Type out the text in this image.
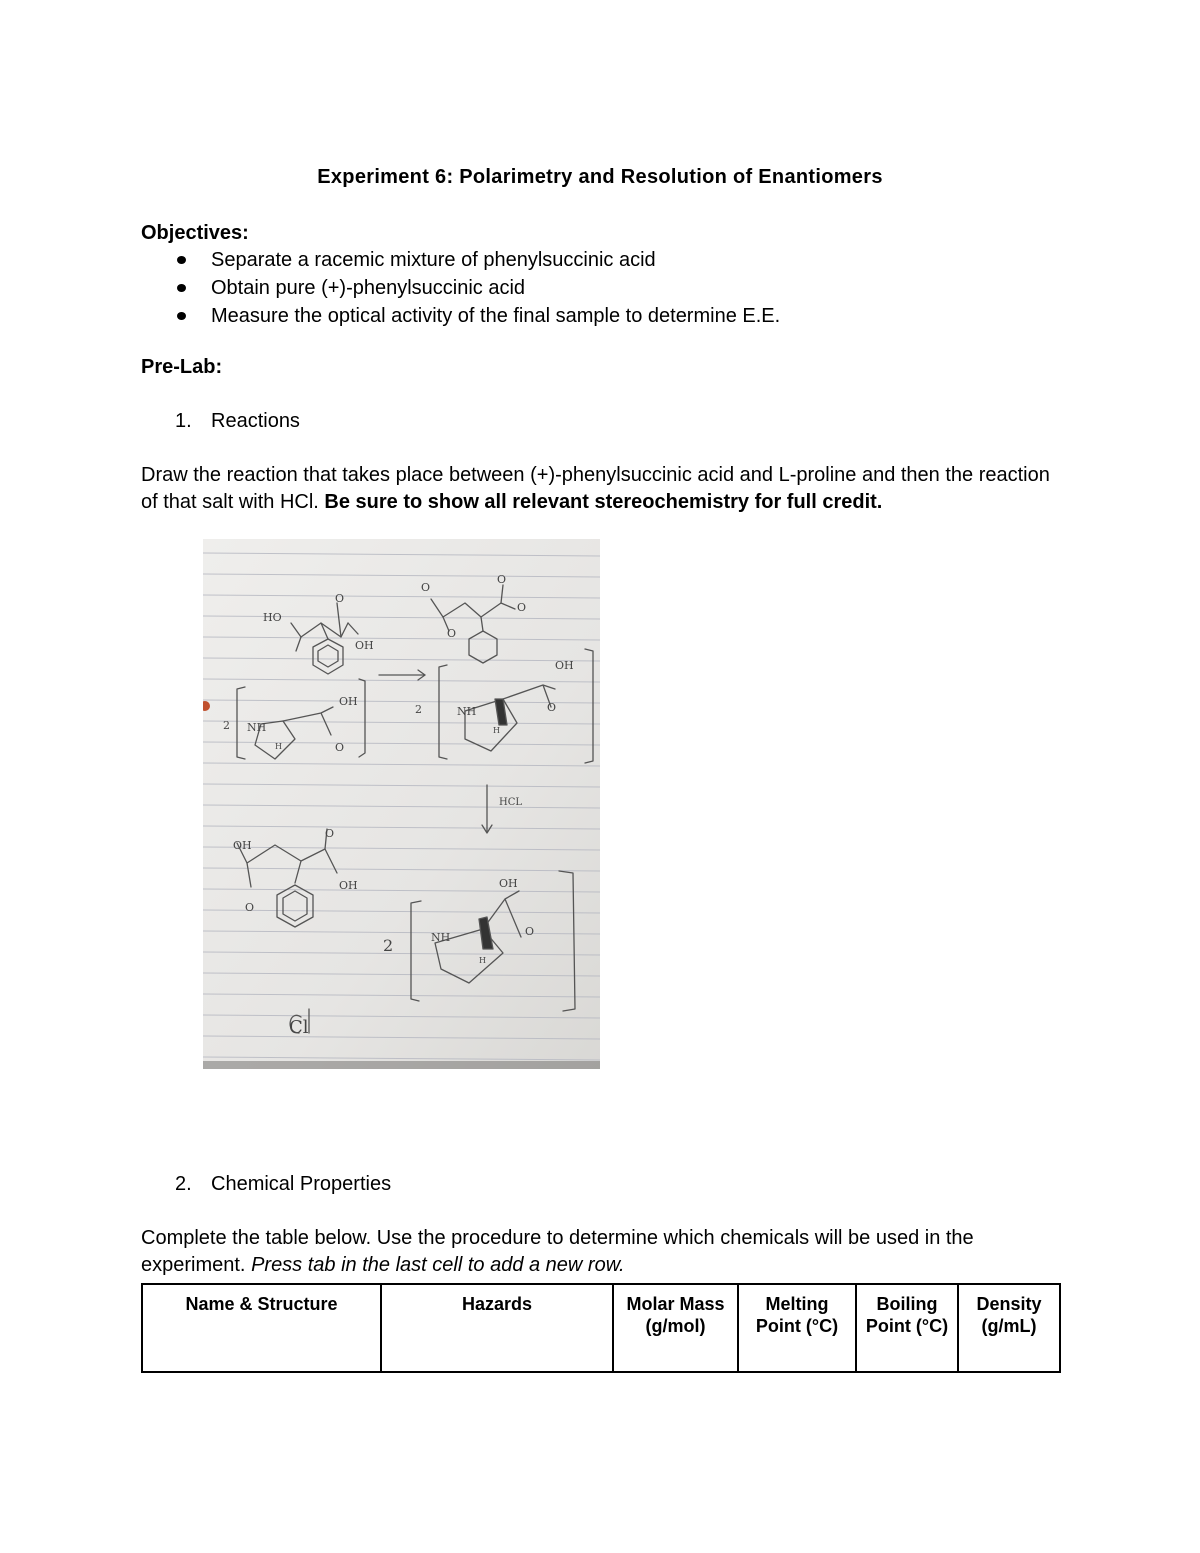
Experiment 6: Polarimetry and Resolution of Enantiomers
Objectives:
Separate a racemic mixture of phenylsuccinic acid
Obtain pure (+)-phenylsuccinic acid
Measure the optical activity of the final sample to determine E.E.
Pre-Lab:
1. Reactions
Draw the reaction that takes place between (+)-phenylsuccinic acid and L-proline and then the reaction of that salt with HCl. Be sure to show all relevant stereochemistry for full credit.
HO
O
OH
2 NH
H
OH
O
O
O
O
O
2	NH
H
OH
O
HCL
OH
O
OH
O
2	NH
H
OH
O
Cl
2. Chemical Properties
Complete the table below. Use the procedure to determine which chemicals will be used in the experiment. Press tab in the last cell to add a new row.
Name & Structure	Hazards	Molar Mass (g/mol)	Melting Point (°C)	Boiling Point (°C)	Density (g/mL)
